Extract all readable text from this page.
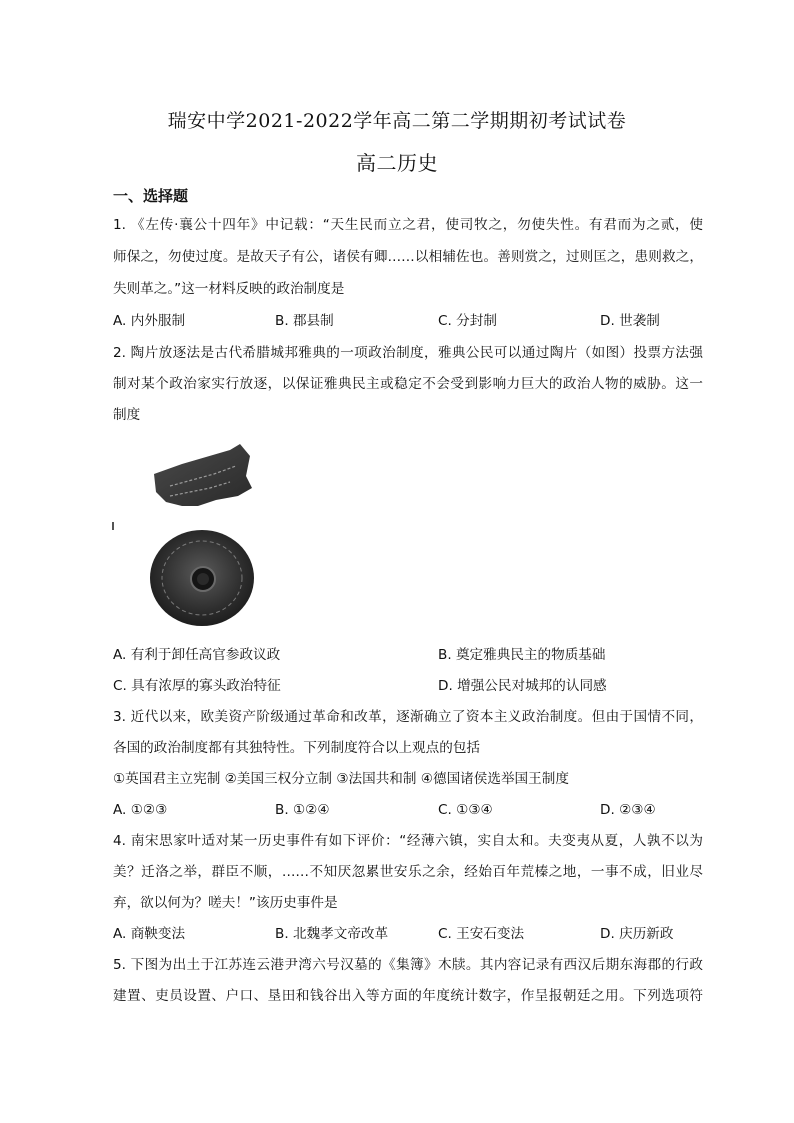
瑞安中学2021-2022学年高二第二学期期初考试试卷
高二历史
一、选择题
1. 《左传·襄公十四年》中记载：“天生民而立之君，使司牧之，勿使失性。有君而为之贰，使
师保之，勿使过度。是故天子有公，诸侯有卿……以相辅佐也。善则赏之，过则匡之，患则救之，
失则革之。”这一材料反映的政治制度是
A. 内外服制	B. 郡县制	C. 分封制	D. 世袭制
2. 陶片放逐法是古代希腊城邦雅典的一项政治制度，雅典公民可以通过陶片（如图）投票方法强
制对某个政治家实行放逐，以保证雅典民主或稳定不会受到影响力巨大的政治人物的威胁。这一
制度
A. 有利于卸任高官参政议政	B. 奠定雅典民主的物质基础
C. 具有浓厚的寡头政治特征	D. 增强公民对城邦的认同感
3. 近代以来，欧美资产阶级通过革命和改革，逐渐确立了资本主义政治制度。但由于国情不同，
各国的政治制度都有其独特性。下列制度符合以上观点的包括
①英国君主立宪制 ②美国三权分立制 ③法国共和制 ④德国诸侯选举国王制度
A. ①②③	B. ①②④	C. ①③④	D. ②③④
4. 南宋思家叶适对某一历史事件有如下评价：“经薄六镇，实自太和。夫变夷从夏，人孰不以为
美？迁洛之举，群臣不顺，……不知厌忽累世安乐之余，经始百年荒榛之地，一事不成，旧业尽
弃，欲以何为？嗟夫！”该历史事件是
A. 商鞅变法	B. 北魏孝文帝改革	C. 王安石变法	D. 庆历新政
5. 下图为出土于江苏连云港尹湾六号汉墓的《集簿》木牍。其内容记录有西汉后期东海郡的行政
建置、吏员设置、户口、垦田和钱谷出入等方面的年度统计数字，作呈报朝廷之用。下列选项符
